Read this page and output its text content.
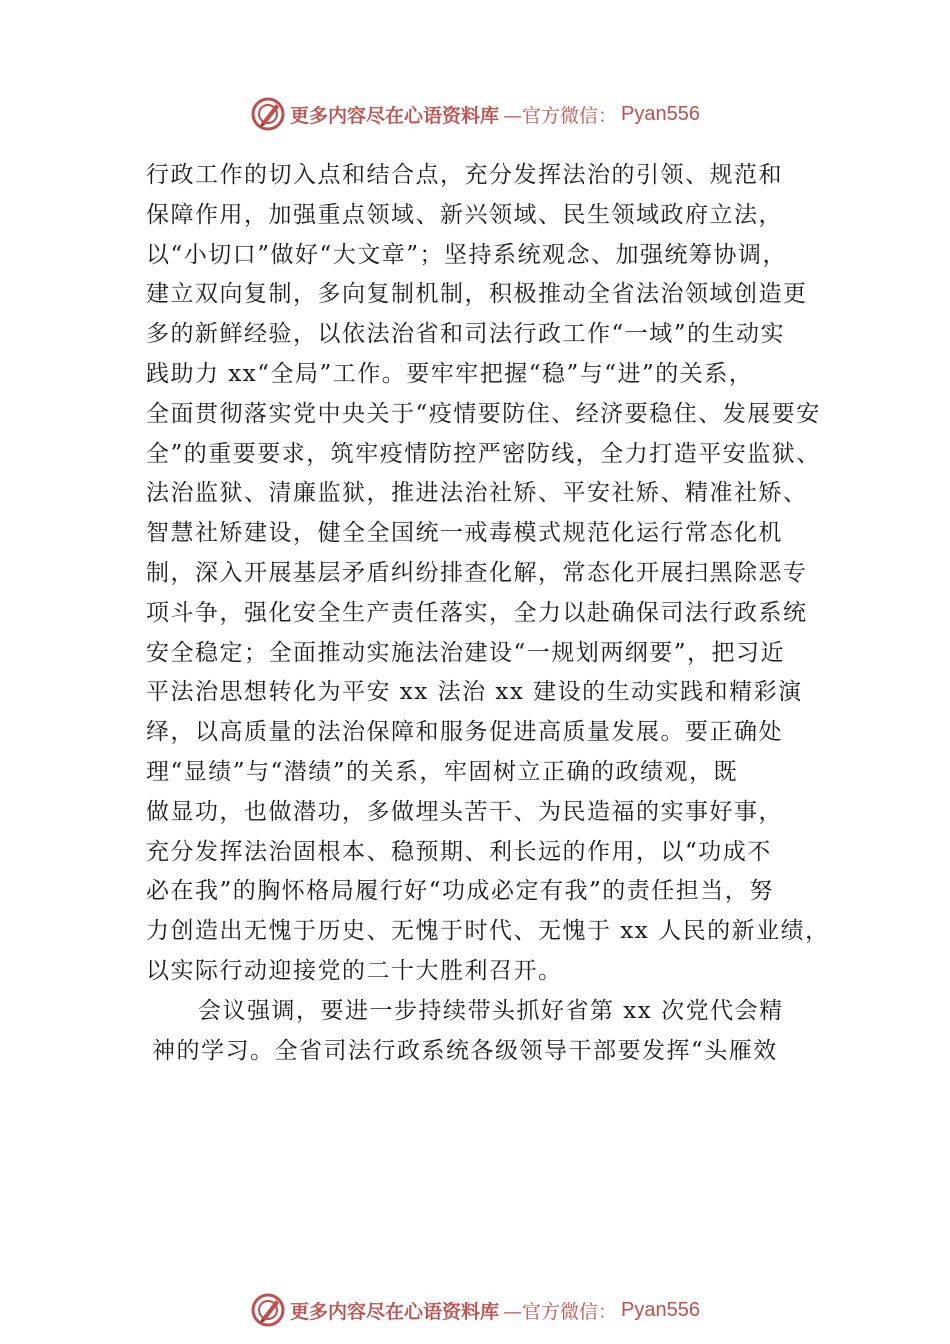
更多内容尽在心语资料库 —官方微信： Pyan556
行政工作的切入点和结合点，充分发挥法治的引领、规范和
保障作用，加强重点领域、新兴领域、民生领域政府立法，
以“小切口”做好“大文章”；坚持系统观念、加强统筹协调，
建立双向复制，多向复制机制，积极推动全省法治领域创造更
多的新鲜经验，以依法治省和司法行政工作“一域”的生动实
践助力 xx“全局”工作。要牢牢把握“稳”与“进”的关系，
全面贯彻落实党中央关于“疫情要防住、经济要稳住、发展要安
全”的重要要求，筑牢疫情防控严密防线，全力打造平安监狱、
法治监狱、清廉监狱，推进法治社矫、平安社矫、精准社矫、
智慧社矫建设，健全全国统一戒毒模式规范化运行常态化机
制，深入开展基层矛盾纠纷排查化解，常态化开展扫黑除恶专
项斗争，强化安全生产责任落实，全力以赴确保司法行政系统
安全稳定；全面推动实施法治建设“一规划两纲要”，把习近
平法治思想转化为平安 xx 法治 xx 建设的生动实践和精彩演
绎，以高质量的法治保障和服务促进高质量发展。要正确处
理“显绩”与“潜绩”的关系，牢固树立正确的政绩观，既
做显功，也做潜功，多做埋头苦干、为民造福的实事好事，
充分发挥法治固根本、稳预期、利长远的作用，以“功成不
必在我”的胸怀格局履行好“功成必定有我”的责任担当，努
力创造出无愧于历史、无愧于时代、无愧于 xx 人民的新业绩，
以实际行动迎接党的二十大胜利召开。
会议强调，要进一步持续带头抓好省第 xx 次党代会精
神的学习。全省司法行政系统各级领导干部要发挥“头雁效
更多内容尽在心语资料库 —官方微信： Pyan556
